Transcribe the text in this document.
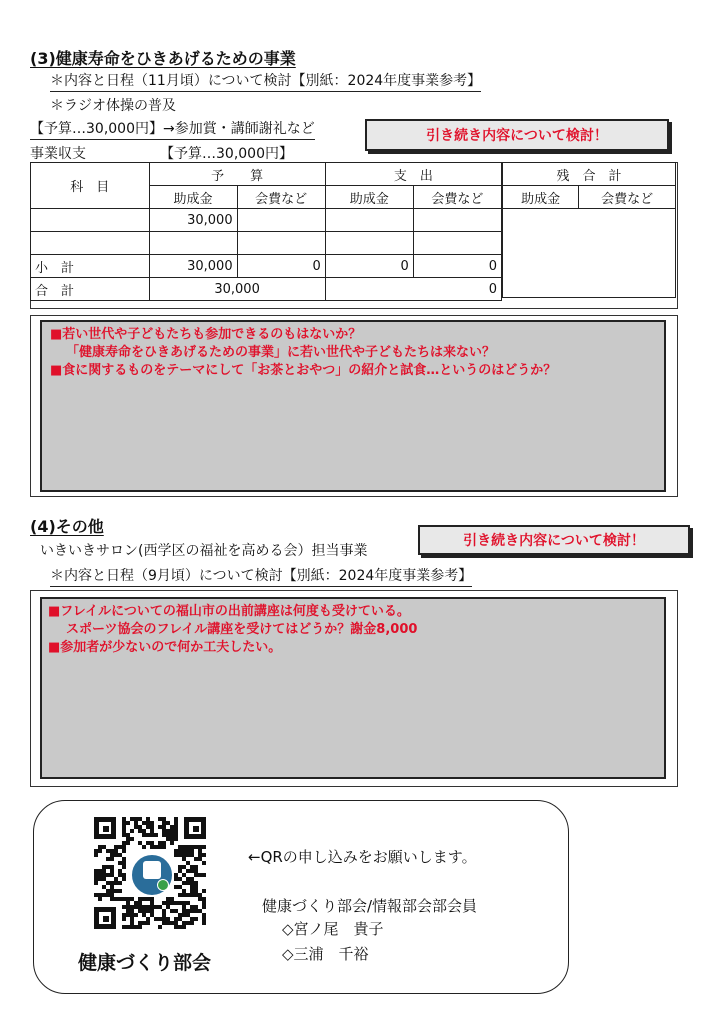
(3)健康寿命をひきあげるための事業
＊内容と日程（11月頃）について検討【別紙：2024年度事業参考】
＊ラジオ体操の普及
【予算…30,000円】→参加賞・講師謝礼など	引き続き内容について検討！
事業収支	【予算…30,000円】
科　目	予　　算		支　出	
	助成金	会費など	助成金	会費など
	30,000			

小　計	30,000	0	0	0
合　計	30,000		0	
残　合　計
助成金	会費など

■若い世代や子どもたちも参加できるのもはないか？
「健康寿命をひきあげるための事業」に若い世代や子どもたちは来ない？
■食に関するものをテーマにして「お茶とおやつ」の紹介と試食…というのはどうか？
(4)その他
いきいきサロン(西学区の福祉を高める会）担当事業
引き続き内容について検討！
＊内容と日程（9月頃）について検討【別紙：2024年度事業参考】
■フレイルについての福山市の出前講座は何度も受けている。
スポーツ協会のフレイル講座を受けてはどうか？謝金8,000
■参加者が少ないので何か工夫したい。
←QRの申し込みをお願いします。
健康づくり部会
健康づくり部会/情報部会部会員
◇宮ノ尾　貴子
◇三浦　千裕
